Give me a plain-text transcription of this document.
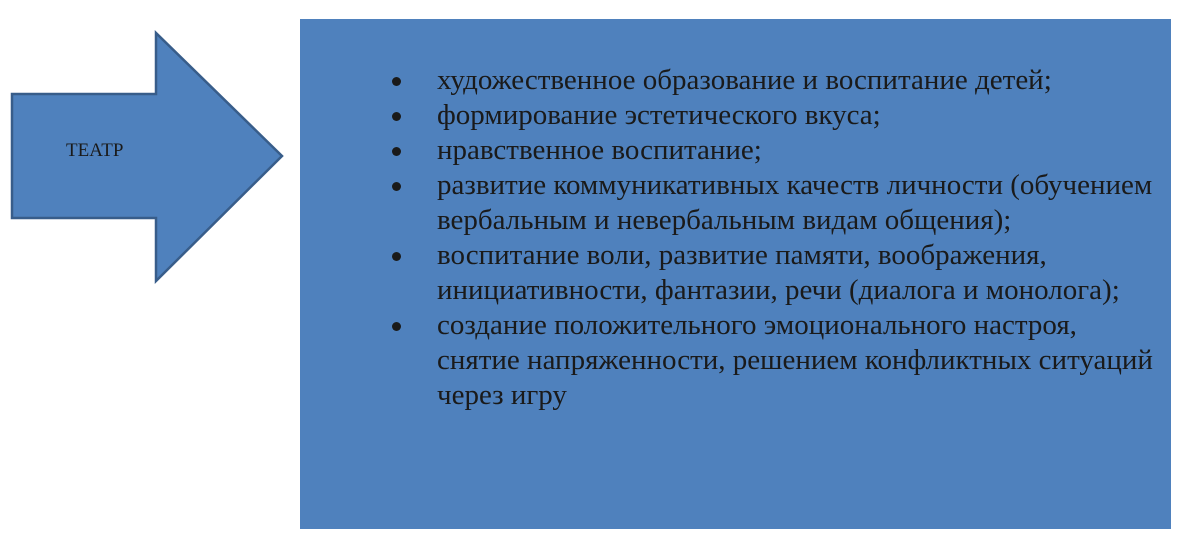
ТЕАТР
художественное образование и воспитание детей;
формирование эстетического вкуса;
нравственное воспитание;
развитие коммуникативных качеств личности (обучением вербальным и невербальным видам общения);
воспитание воли, развитие памяти, воображения, инициативности, фантазии, речи (диалога и монолога);
создание положительного эмоционального настроя, снятие напряженности, решением конфликтных ситуаций через игру
